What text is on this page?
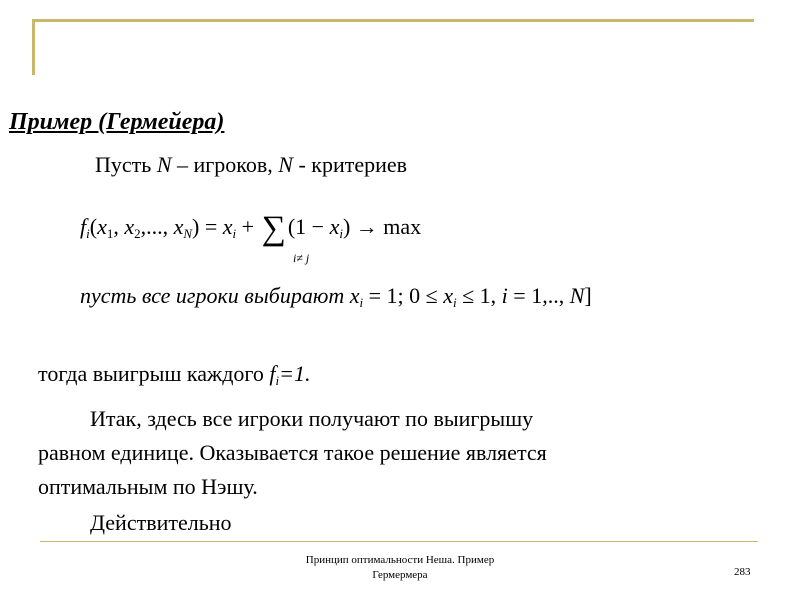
Пример (Гермейера)
Пусть N – игроков, N - критериев
$f_i(x_1$, $x_2$,..., $x_N) = x_i + \sum(1 - x_i) \to \max$
i≠ j
пусть все игроки выбирают $x_i = 1$; $0 \le x_i \le 1$, i = 1,.., N]
тогда выигрыш каждого $f_i=1$.
Итак, здесь все игроки получают по выигрышу
равном единице. Оказывается такое решение является
оптимальным по Нэшу.
Действительно
Принцип оптимальности Неша. Пример
Гермермера	283
